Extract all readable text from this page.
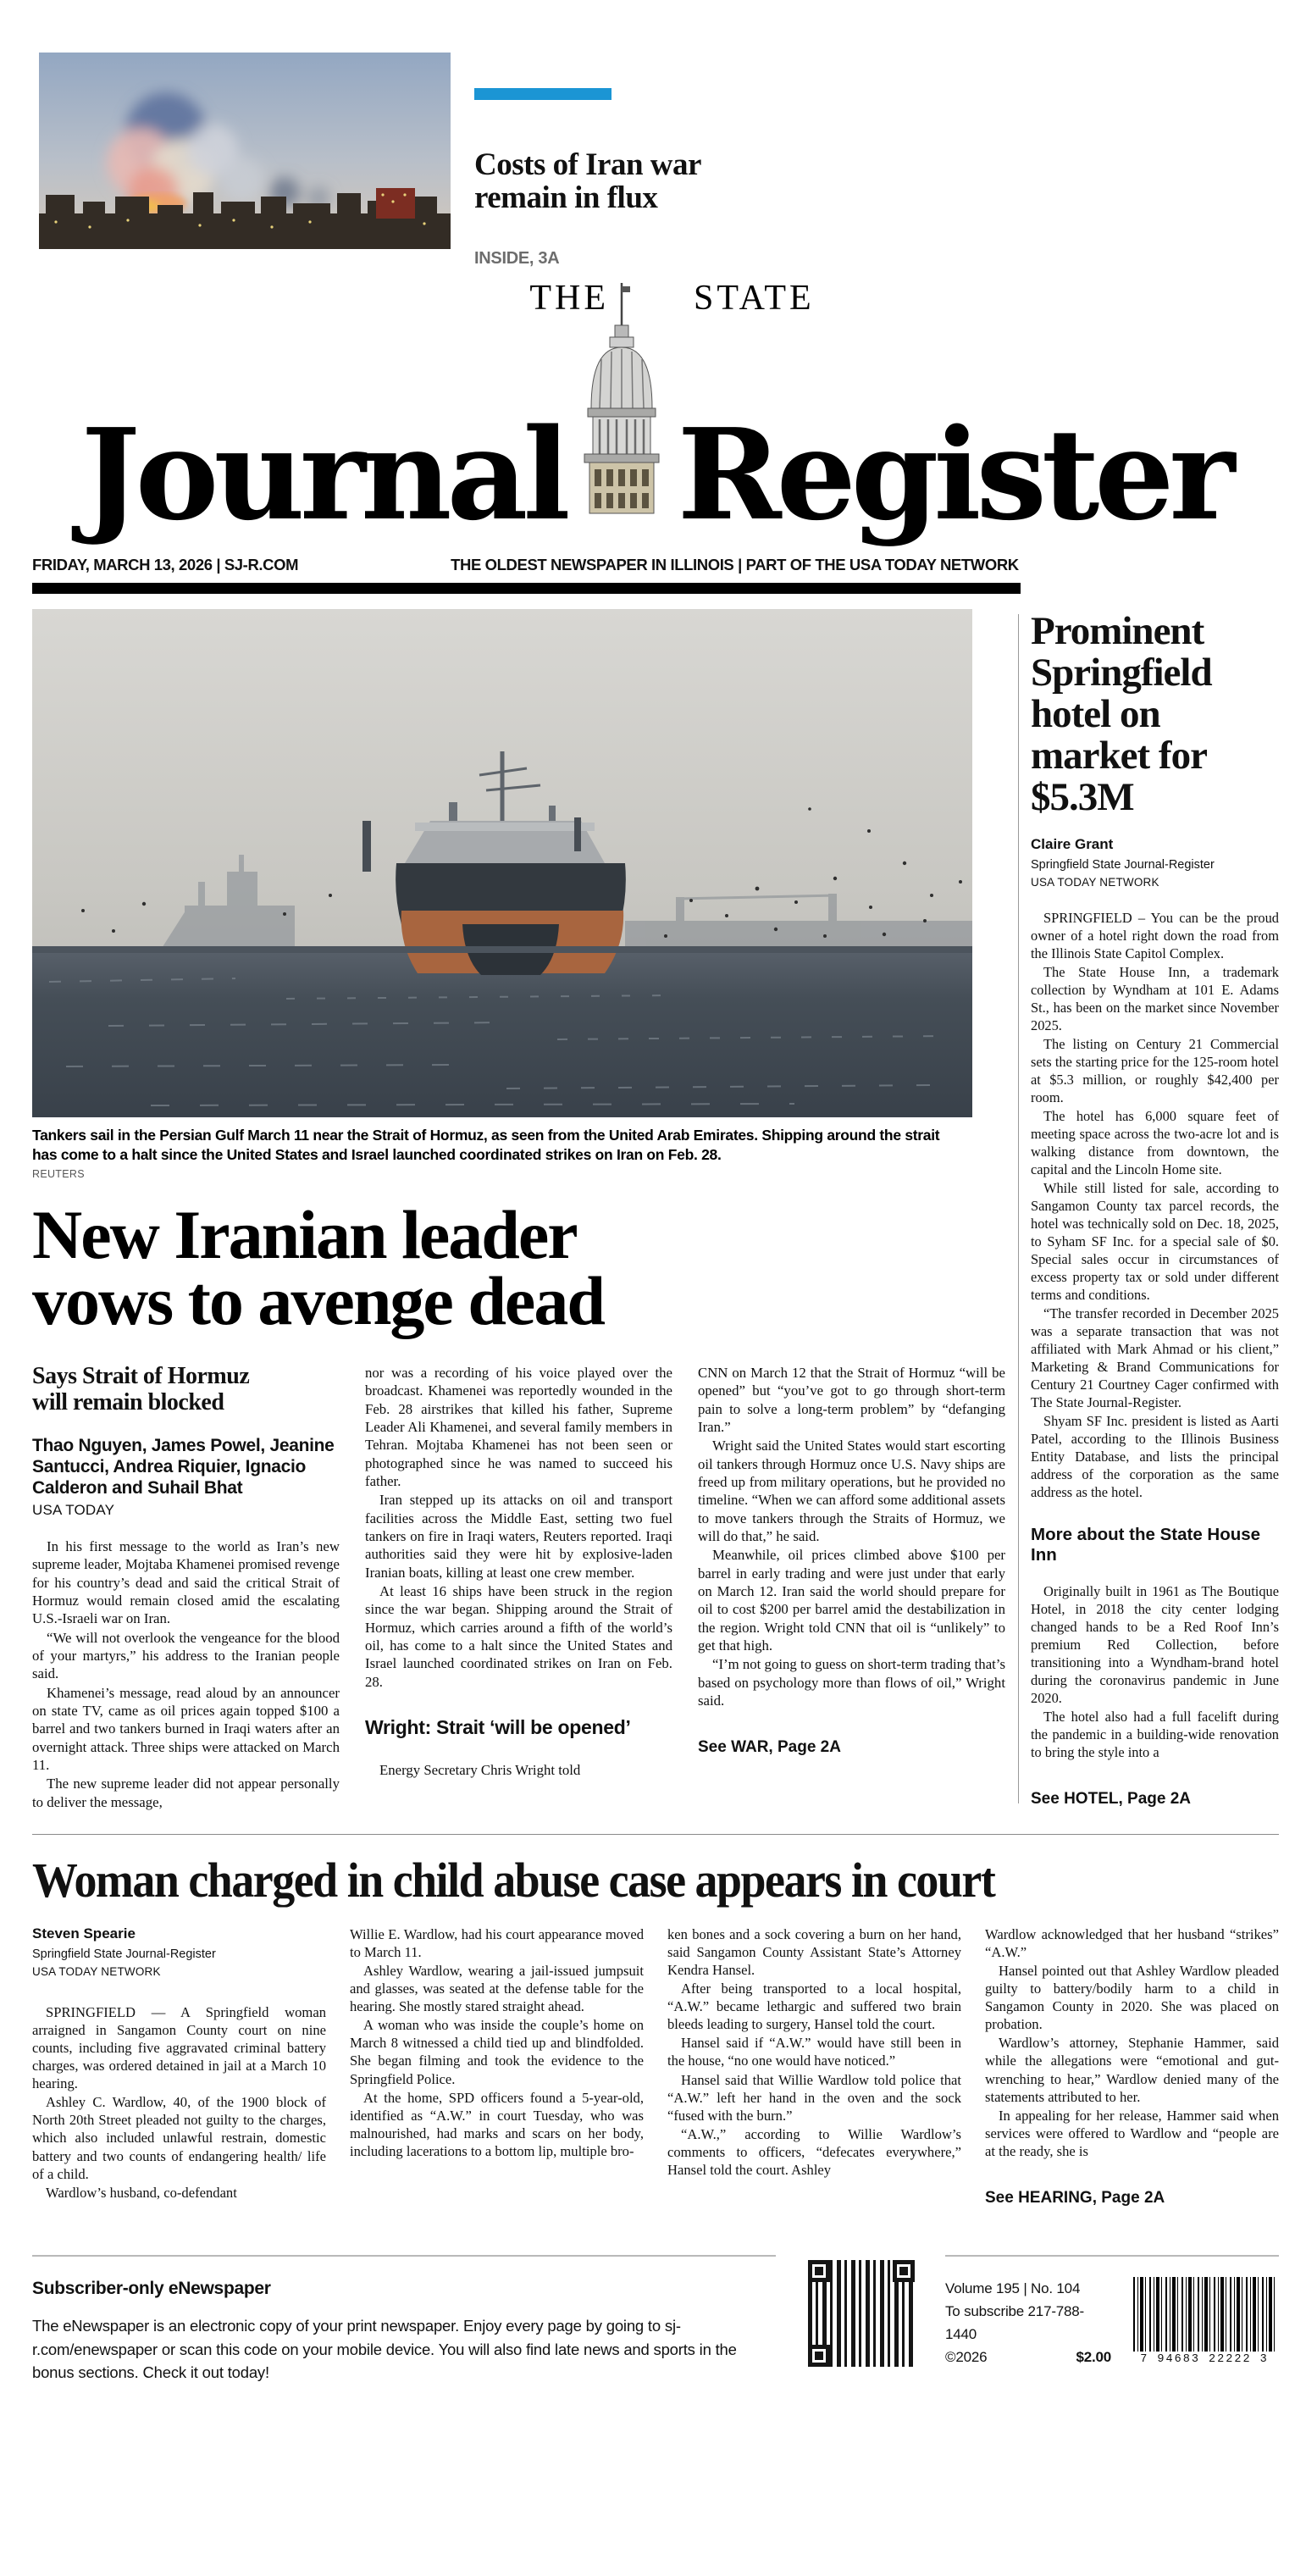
Costs of Iran war remain in flux
INSIDE, 3A
THE STATE
Journal Register
FRIDAY, MARCH 13, 2026 | SJ-R.COM	THE OLDEST NEWSPAPER IN ILLINOIS | PART OF THE USA TODAY NETWORK
Tankers sail in the Persian Gulf March 11 near the Strait of Hormuz, as seen from the United Arab Emirates. Shipping around the strait has come to a halt since the United States and Israel launched coordinated strikes on Iran on Feb. 28.
REUTERS
New Iranian leader
vows to avenge dead
Says Strait of Hormuz will remain blocked
Thao Nguyen, James Powel, Jeanine Santucci, Andrea Riquier, Ignacio Calderon and Suhail Bhat
USA TODAY

In his first message to the world as Iran’s new supreme leader, Mojtaba Khamenei promised revenge for his country’s dead and said the critical Strait of Hormuz would remain closed amid the escalating U.S.-Israeli war on Iran.

“We will not overlook the vengeance for the blood of your martyrs,” his address to the Iranian people said.

Khamenei’s message, read aloud by an announcer on state TV, came as oil prices again topped $100 a barrel and two tankers burned in Iraqi waters after an overnight attack. Three ships were attacked on March 11.

The new supreme leader did not appear personally to deliver the message,

nor was a recording of his voice played over the broadcast. Khamenei was reportedly wounded in the Feb. 28 airstrikes that killed his father, Supreme Leader Ali Khamenei, and several family members in Tehran. Mojtaba Khamenei has not been seen or photographed since he was named to succeed his father.

Iran stepped up its attacks on oil and transport facilities across the Middle East, setting two fuel tankers on fire in Iraqi waters, Reuters reported. Iraqi authorities said they were hit by explosive-laden Iranian boats, killing at least one crew member.

At least 16 ships have been struck in the region since the war began. Shipping around the Strait of Hormuz, which carries around a fifth of the world’s oil, has come to a halt since the United States and Israel launched coordinated strikes on Iran on Feb. 28.

Wright: Strait ‘will be opened’

Energy Secretary Chris Wright told

CNN on March 12 that the Strait of Hormuz “will be opened” but “you’ve got to go through short-term pain to solve a long-term problem” by “defanging Iran.”

Wright said the United States would start escorting oil tankers through Hormuz once U.S. Navy ships are freed up from military operations, but he provided no timeline. “When we can afford some additional assets to move tankers through the Straits of Hormuz, we will do that,” he said.

Meanwhile, oil prices climbed above $100 per barrel in early trading and were just under that early on March 12. Iran said the world should prepare for oil to cost $200 per barrel amid the destabilization in the region. Wright told CNN that oil is “unlikely” to get that high.

“I’m not going to guess on short-term trading that’s based on psychology more than flows of oil,” Wright said.

See WAR, Page 2A
Prominent Springfield hotel on market for $5.3M
Claire Grant
Springfield State Journal-Register
USA TODAY NETWORK

SPRINGFIELD – You can be the proud owner of a hotel right down the road from the Illinois State Capitol Complex.

The State House Inn, a trademark collection by Wyndham at 101 E. Adams St., has been on the market since November 2025.

The listing on Century 21 Commercial sets the starting price for the 125-room hotel at $5.3 million, or roughly $42,400 per room.

The hotel has 6,000 square feet of meeting space across the two-acre lot and is walking distance from downtown, the capital and the Lincoln Home site.

While still listed for sale, according to Sangamon County tax parcel records, the hotel was technically sold on Dec. 18, 2025, to Syham SF Inc. for a special sale of $0. Special sales occur in circumstances of excess property tax or sold under different terms and conditions.

“The transfer recorded in December 2025 was a separate transaction that was not affiliated with Mark Ahmad or his client,” Marketing & Brand Communications for Century 21 Courtney Cager confirmed with The State Journal-Register.

Shyam SF Inc. president is listed as Aarti Patel, according to the Illinois Business Entity Database, and lists the principal address of the corporation as the same address as the hotel.

More about the State House Inn

Originally built in 1961 as The Boutique Hotel, in 2018 the city center lodging changed hands to be a Red Roof Inn’s premium Red Collection, before transitioning into a Wyndham-brand hotel during the coronavirus pandemic in June 2020.

The hotel also had a full facelift during the pandemic in a building-wide renovation to bring the style into a

See HOTEL, Page 2A
Woman charged in child abuse case appears in court
Steven Spearie
Springfield State Journal-Register
USA TODAY NETWORK

SPRINGFIELD — A Springfield woman arraigned in Sangamon County court on nine counts, including five aggravated criminal battery charges, was ordered detained in jail at a March 10 hearing.

Ashley C. Wardlow, 40, of the 1900 block of North 20th Street pleaded not guilty to the charges, which also included unlawful restrain, domestic battery and two counts of endangering health/ life of a child.

Wardlow’s husband, co-defendant

Willie E. Wardlow, had his court appearance moved to March 11.

Ashley Wardlow, wearing a jail-issued jumpsuit and glasses, was seated at the defense table for the hearing. She mostly stared straight ahead.

A woman who was inside the couple’s home on March 8 witnessed a child tied up and blindfolded. She began filming and took the evidence to the Springfield Police.

At the home, SPD officers found a 5-year-old, identified as “A.W.” in court Tuesday, who was malnourished, had marks and scars on her body, including lacerations to a bottom lip, multiple bro-

ken bones and a sock covering a burn on her hand, said Sangamon County Assistant State’s Attorney Kendra Hansel.

After being transported to a local hospital, “A.W.” became lethargic and suffered two brain bleeds leading to surgery, Hansel told the court.

Hansel said if “A.W.” would have still been in the house, “no one would have noticed.”

Hansel said that Willie Wardlow told police that “A.W.” left her hand in the oven and the sock “fused with the burn.”

“A.W.,” according to Willie Wardlow’s comments to officers, “defecates everywhere,” Hansel told the court. Ashley

Wardlow acknowledged that her husband “strikes” “A.W.”

Hansel pointed out that Ashley Wardlow pleaded guilty to battery/bodily harm to a child in Sangamon County in 2020. She was placed on probation.

Wardlow’s attorney, Stephanie Hammer, said while the allegations were “emotional and gut-wrenching to hear,” Wardlow denied many of the statements attributed to her.

In appealing for her release, Hammer said when services were offered to Wardlow and “people are at the ready, she is

See HEARING, Page 2A
Subscriber-only eNewspaper
The eNewspaper is an electronic copy of your print newspaper. Enjoy every page by going to sj-r.com/enewspaper or scan this code on your mobile device. You will also find late news and sports in the bonus sections. Check it out today!
Volume 195 | No. 104
To subscribe 217-788-1440
©2026	$2.00	7 94683 22222 3
